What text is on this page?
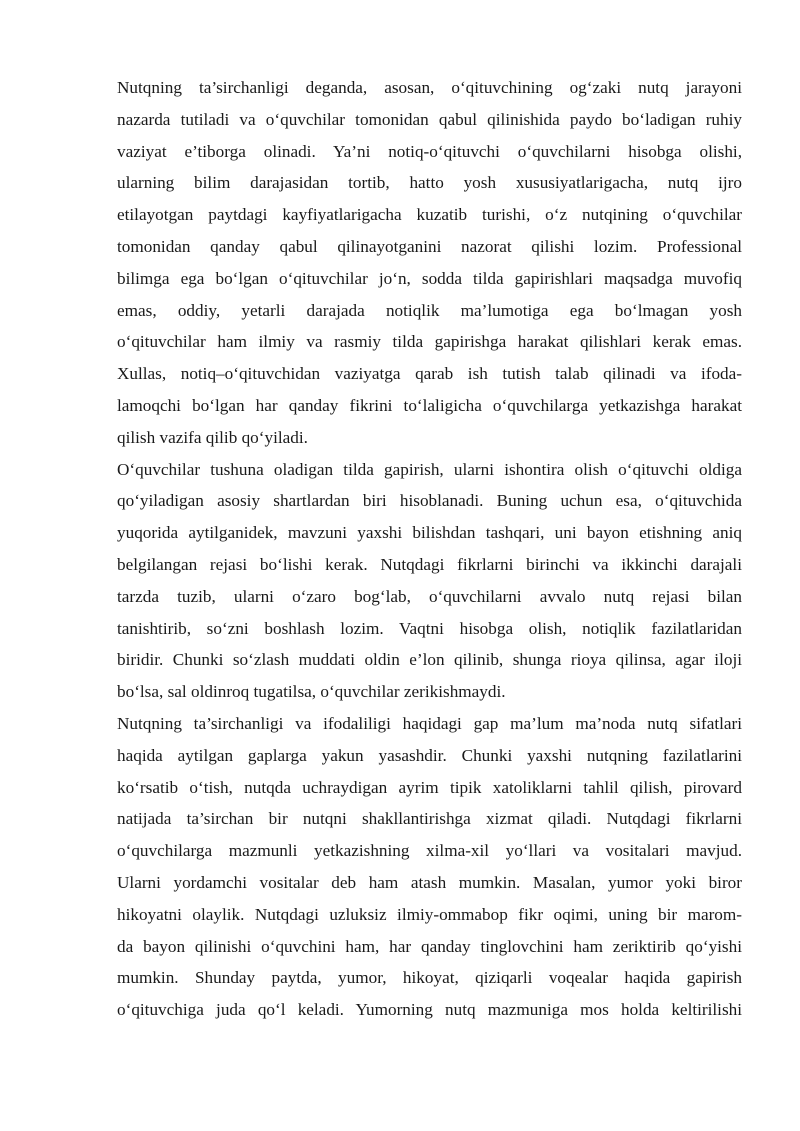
Nutqning ta’sirchanligi deganda, asosan, o‘qituvchining og‘zaki nutq jarayoni
nazarda tutiladi va o‘quvchilar tomonidan qabul qilinishida paydo bo‘ladigan ruhiy
vaziyat e’tiborga olinadi. Ya’ni notiq-o‘qituvchi o‘quvchilarni hisobga olishi,
ularning bilim darajasidan tortib, hatto yosh xususiyatlarigacha, nutq ijro
etilayotgan paytdagi kayfiyatlarigacha kuzatib turishi, o‘z nutqining o‘quvchilar
tomonidan qanday qabul qilinayotganini nazorat qilishi lozim. Professional
bilimga ega bo‘lgan o‘qituvchilar jo‘n, sodda tilda gapirishlari maqsadga muvofiq
emas, oddiy, yetarli darajada notiqlik ma’lumotiga ega bo‘lmagan yosh
o‘qituvchilar ham ilmiy va rasmiy tilda gapirishga harakat qilishlari kerak emas.
Xullas, notiq–o‘qituvchidan vaziyatga qarab ish tutish talab qilinadi va ifoda-
lamoqchi bo‘lgan har qanday fikrini to‘laligicha o‘quvchilarga yetkazishga harakat
qilish vazifa qilib qo‘yiladi.
O‘quvchilar tushuna oladigan tilda gapirish, ularni ishontira olish o‘qituvchi oldiga
qo‘yiladigan asosiy shartlardan biri hisoblanadi. Buning uchun esa, o‘qituvchida
yuqorida aytilganidek, mavzuni yaxshi bilishdan tashqari, uni bayon etishning aniq
belgilangan rejasi bo‘lishi kerak. Nutqdagi fikrlarni birinchi va ikkinchi darajali
tarzda tuzib, ularni o‘zaro bog‘lab, o‘quvchilarni avvalo nutq rejasi bilan
tanishtirib, so‘zni boshlash lozim. Vaqtni hisobga olish, notiqlik fazilatlaridan
biridir. Chunki so‘zlash muddati oldin e’lon qilinib, shunga rioya qilinsa, agar iloji
bo‘lsa, sal oldinroq tugatilsa, o‘quvchilar zerikishmaydi.
Nutqning ta’sirchanligi va ifodaliligi haqidagi gap ma’lum ma’noda nutq sifatlari
haqida aytilgan gaplarga yakun yasashdir. Chunki yaxshi nutqning fazilatlarini
ko‘rsatib o‘tish, nutqda uchraydigan ayrim tipik xatoliklarni tahlil qilish, pirovard
natijada ta’sirchan bir nutqni shakllantirishga xizmat qiladi. Nutqdagi fikrlarni
o‘quvchilarga mazmunli yetkazishning xilma-xil yo‘llari va vositalari mavjud.
Ularni yordamchi vositalar deb ham atash mumkin. Masalan, yumor yoki biror
hikoyatni olaylik. Nutqdagi uzluksiz ilmiy-ommabop fikr oqimi, uning bir marom-
da bayon qilinishi o‘quvchini ham, har qanday tinglovchini ham zeriktirib qo‘yishi
mumkin. Shunday paytda, yumor, hikoyat, qiziqarli voqealar haqida gapirish
o‘qituvchiga juda qo‘l keladi. Yumorning nutq mazmuniga mos holda keltirilishi
